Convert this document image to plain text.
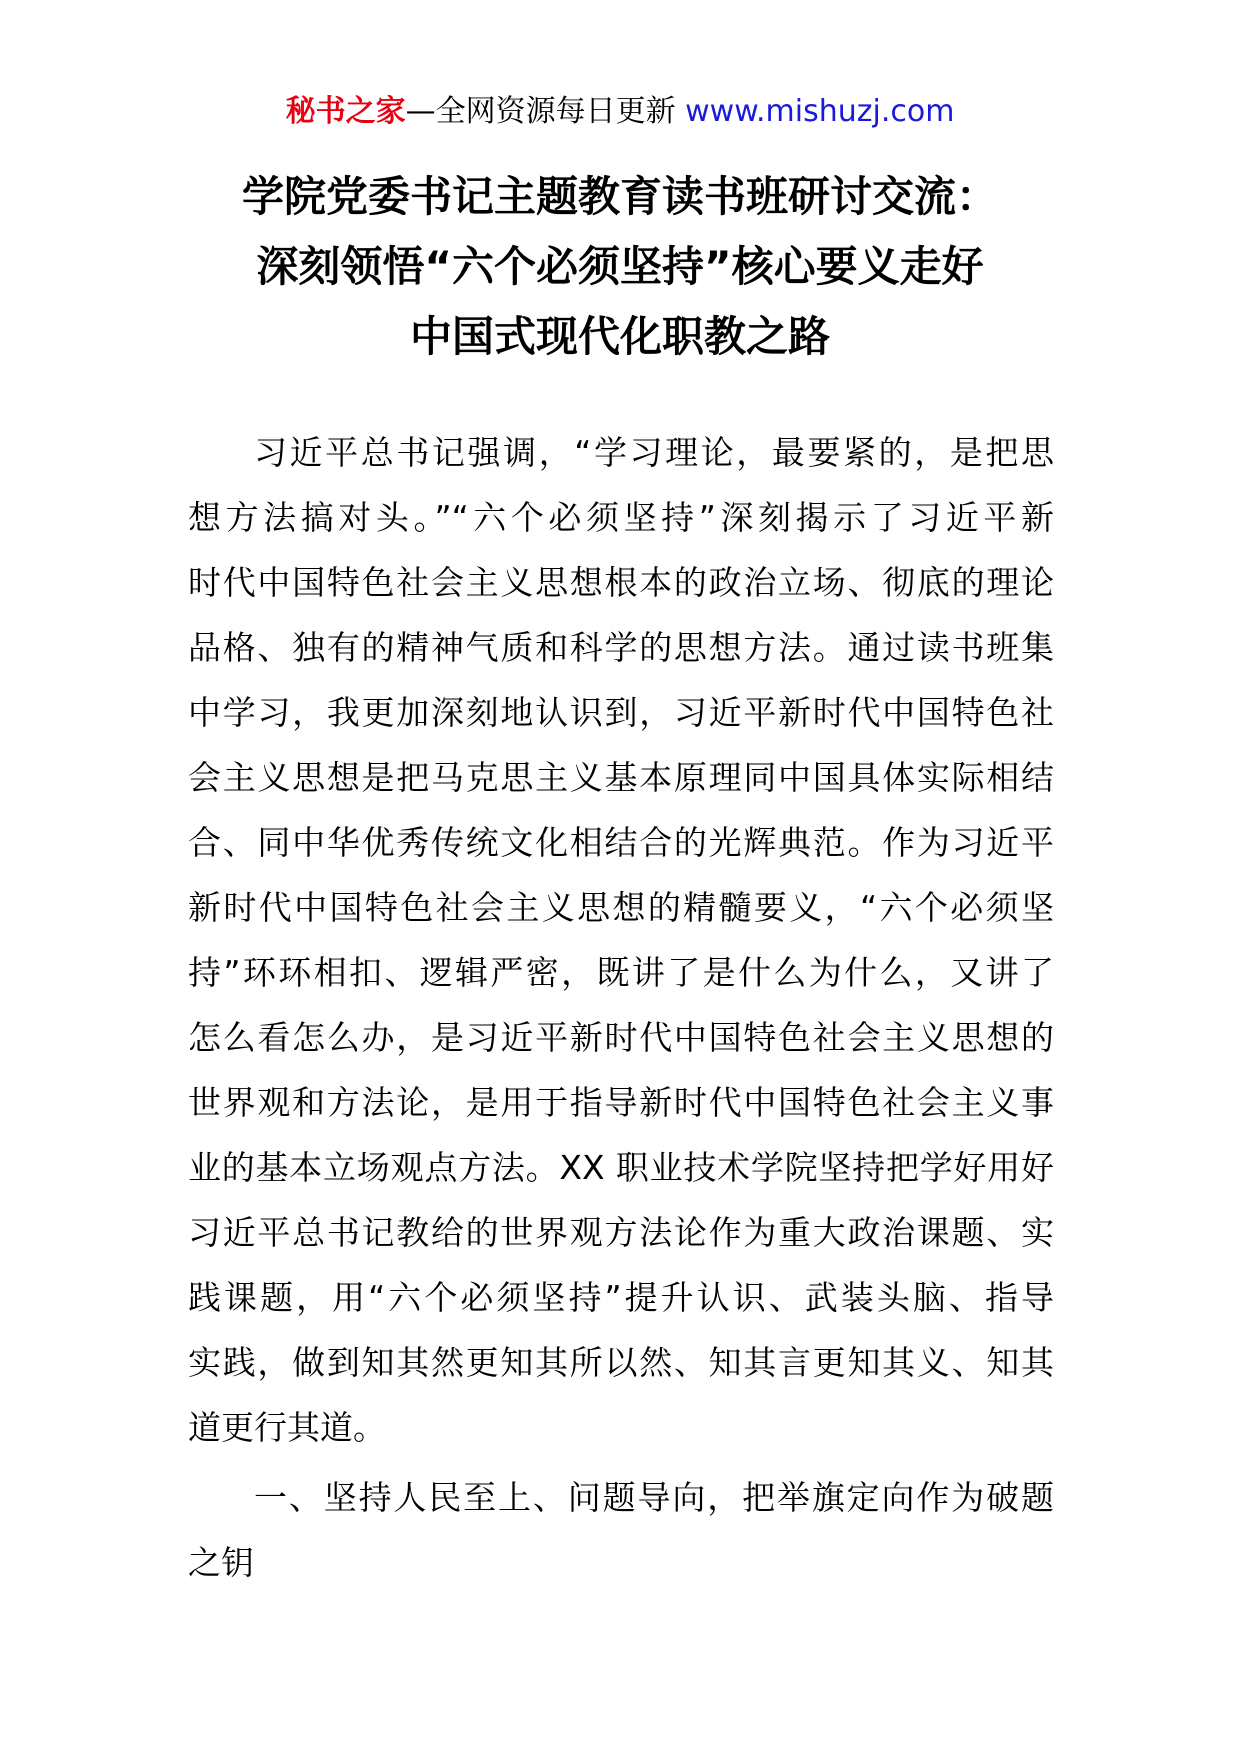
秘书之家—全网资源每日更新 www.mishuzj.com
学院党委书记主题教育读书班研讨交流：
深刻领悟“六个必须坚持”核心要义走好
中国式现代化职教之路
习近平总书记强调，“学习理论，最要紧的，是把思
想方法搞对头。”“六个必须坚持”深刻揭示了习近平新
时代中国特色社会主义思想根本的政治立场、彻底的理论
品格、独有的精神气质和科学的思想方法。通过读书班集
中学习，我更加深刻地认识到，习近平新时代中国特色社
会主义思想是把马克思主义基本原理同中国具体实际相结
合、同中华优秀传统文化相结合的光辉典范。作为习近平
新时代中国特色社会主义思想的精髓要义，“六个必须坚
持”环环相扣、逻辑严密，既讲了是什么为什么，又讲了
怎么看怎么办，是习近平新时代中国特色社会主义思想的
世界观和方法论，是用于指导新时代中国特色社会主义事
业的基本立场观点方法。XX 职业技术学院坚持把学好用好
习近平总书记教给的世界观方法论作为重大政治课题、实
践课题，用“六个必须坚持”提升认识、武装头脑、指导
实践，做到知其然更知其所以然、知其言更知其义、知其
道更行其道。
一、坚持人民至上、问题导向，把举旗定向作为破题
之钥
